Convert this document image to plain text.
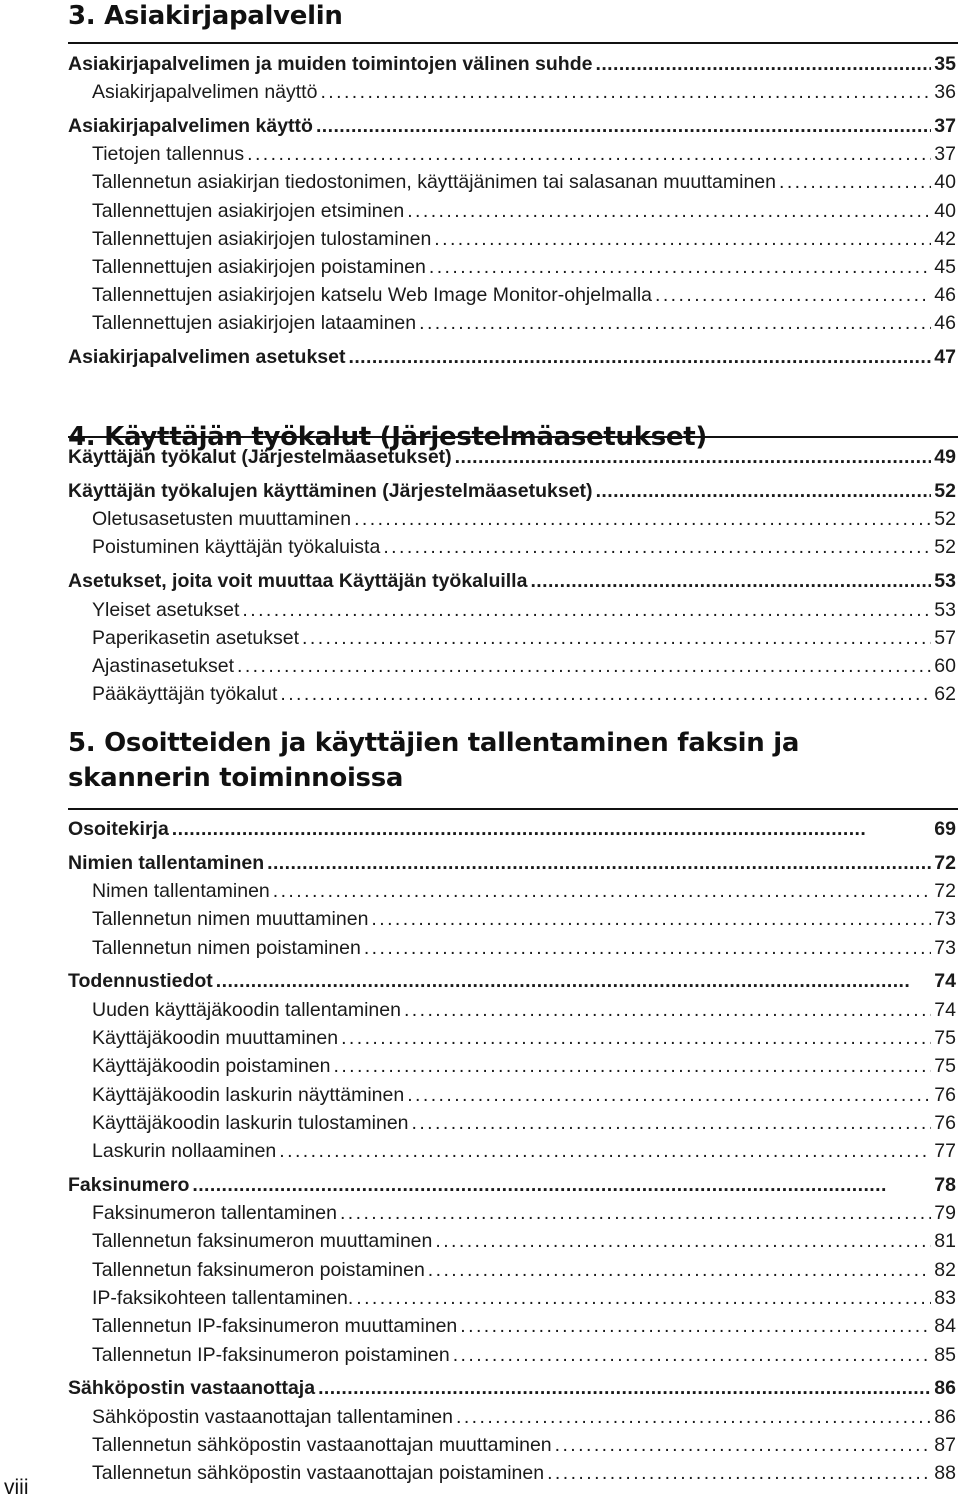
3. Asiakirjapalvelin
Asiakirjapalvelimen ja muiden toimintojen välinen suhde . . .	35
Asiakirjapalvelimen näyttö . . .	36
Asiakirjapalvelimen käyttö . . .	37
Tietojen tallennus . . .	37
Tallennetun asiakirjan tiedostonimen, käyttäjänimen tai salasanan muuttaminen . . .	40
Tallennettujen asiakirjojen etsiminen . . .	40
Tallennettujen asiakirjojen tulostaminen . . .	42
Tallennettujen asiakirjojen poistaminen . . .	45
Tallennettujen asiakirjojen katselu Web Image Monitor-ohjelmalla . . .	46
Tallennettujen asiakirjojen lataaminen . . .	46
Asiakirjapalvelimen asetukset . . .	47
4. Käyttäjän työkalut (Järjestelmäasetukset)
Käyttäjän työkalut (Järjestelmäasetukset) . . .	49
Käyttäjän työkalujen käyttäminen (Järjestelmäasetukset) . . .	52
Oletusasetusten muuttaminen . . .	52
Poistuminen käyttäjän työkaluista . . .	52
Asetukset, joita voit muuttaa Käyttäjän työkaluilla . . .	53
Yleiset asetukset . . .	53
Paperikasetin asetukset . . .	57
Ajastinasetukset . . .	60
Pääkäyttäjän työkalut . . .	62
5. Osoitteiden ja käyttäjien tallentaminen faksin ja skannerin toiminnoissa
Osoitekirja . . .	69
Nimien tallentaminen . . .	72
Nimen tallentaminen . . .	72
Tallennetun nimen muuttaminen . . .	73
Tallennetun nimen poistaminen . . .	73
Todennustiedot . . .	74
Uuden käyttäjäkoodin tallentaminen . . .	74
Käyttäjäkoodin muuttaminen . . .	75
Käyttäjäkoodin poistaminen . . .	75
Käyttäjäkoodin laskurin näyttäminen . . .	76
Käyttäjäkoodin laskurin tulostaminen . . .	76
Laskurin nollaaminen . . .	77
Faksinumero . . .	78
Faksinumeron tallentaminen . . .	79
Tallennetun faksinumeron muuttaminen . . .	81
Tallennetun faksinumeron poistaminen . . .	82
IP-faksikohteen tallentaminen. . . .	83
Tallennetun IP-faksinumeron muuttaminen . . .	84
Tallennetun IP-faksinumeron poistaminen . . .	85
Sähköpostin vastaanottaja . . .	86
Sähköpostin vastaanottajan tallentaminen . . .	86
Tallennetun sähköpostin vastaanottajan muuttaminen . . .	87
Tallennetun sähköpostin vastaanottajan poistaminen . . .	88
viii
